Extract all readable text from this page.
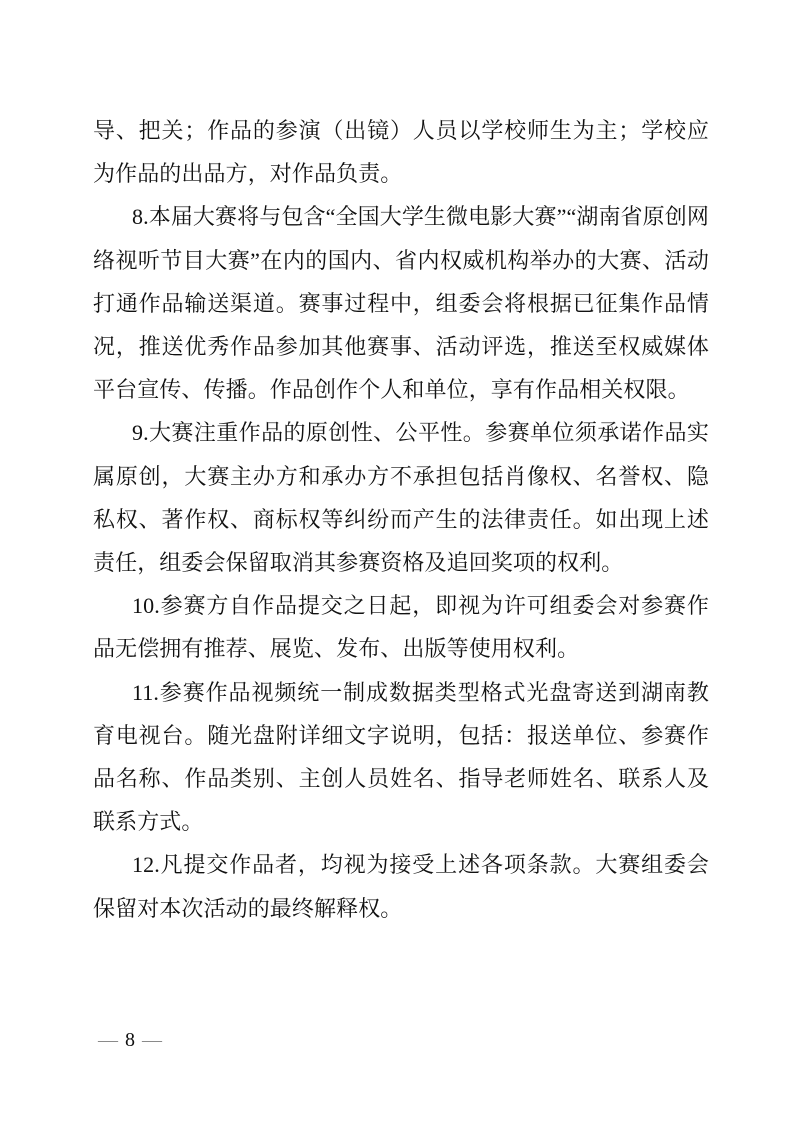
导、把关；作品的参演（出镜）人员以学校师生为主；学校应为作品的出品方，对作品负责。

8.本届大赛将与包含“全国大学生微电影大赛”“湖南省原创网络视听节目大赛”在内的国内、省内权威机构举办的大赛、活动打通作品输送渠道。赛事过程中，组委会将根据已征集作品情况，推送优秀作品参加其他赛事、活动评选，推送至权威媒体平台宣传、传播。作品创作个人和单位，享有作品相关权限。

9.大赛注重作品的原创性、公平性。参赛单位须承诺作品实属原创，大赛主办方和承办方不承担包括肖像权、名誉权、隐私权、著作权、商标权等纠纷而产生的法律责任。如出现上述责任，组委会保留取消其参赛资格及追回奖项的权利。

10.参赛方自作品提交之日起，即视为许可组委会对参赛作品无偿拥有推荐、展览、发布、出版等使用权利。

11.参赛作品视频统一制成数据类型格式光盘寄送到湖南教育电视台。随光盘附详细文字说明，包括：报送单位、参赛作品名称、作品类别、主创人员姓名、指导老师姓名、联系人及联系方式。

12.凡提交作品者，均视为接受上述各项条款。大赛组委会保留对本次活动的最终解释权。

— 8 —
